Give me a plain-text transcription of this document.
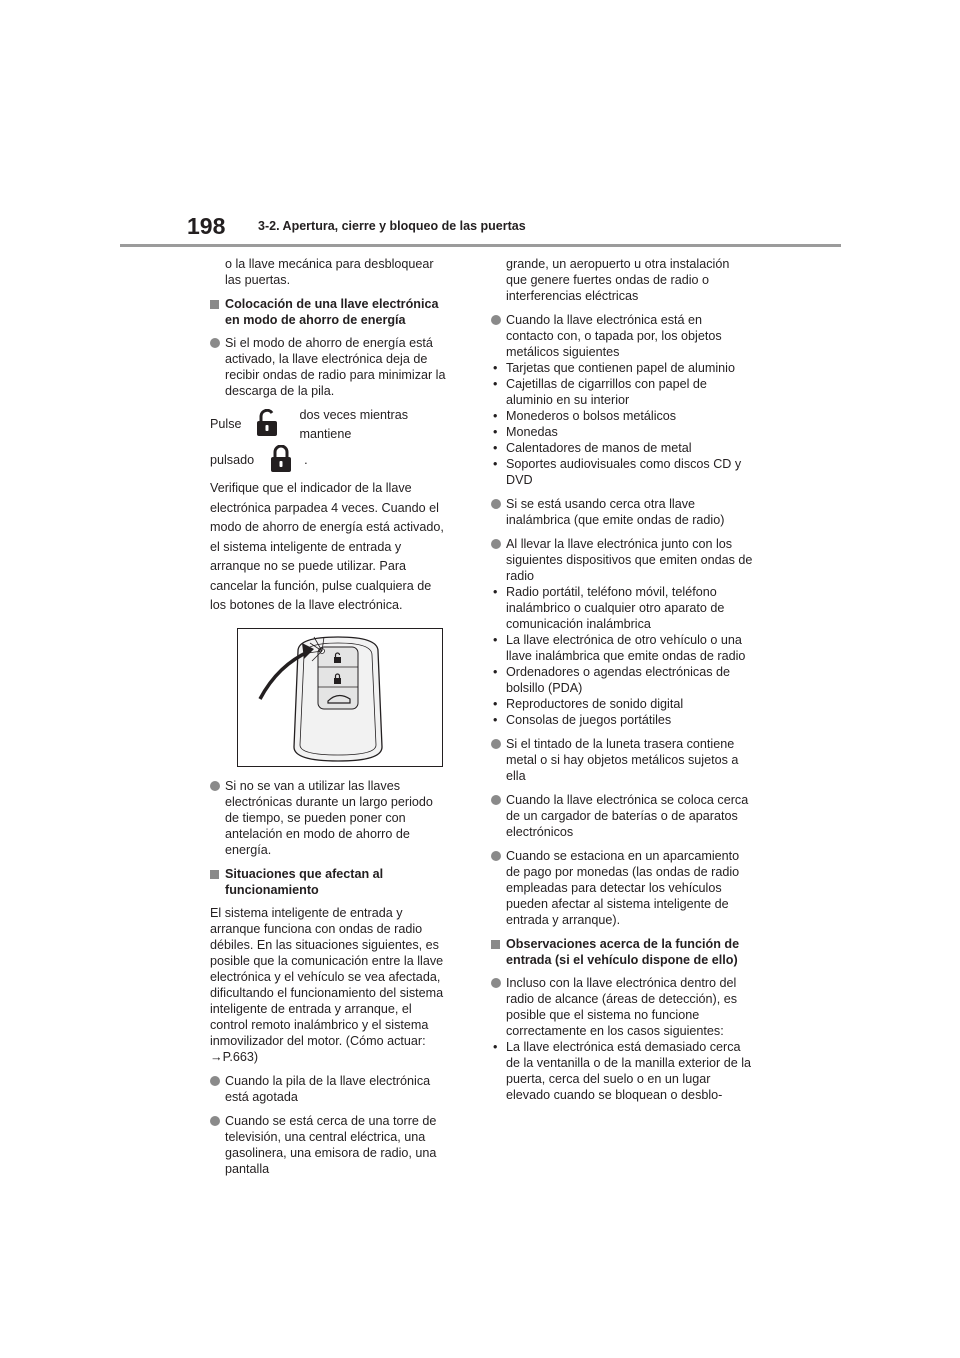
198	3-2. Apertura, cierre y bloqueo de las puertas

o la llave mecánica para desbloquear las puertas.

Colocación de una llave electrónica en modo de ahorro de energía

Si el modo de ahorro de energía está activado, la llave electrónica deja de recibir ondas de radio para minimizar la descarga de la pila.

Pulse
dos veces mientras mantiene
pulsado	.

Verifique que el indicador de la llave electrónica parpadea 4 veces. Cuando el modo de ahorro de energía está activado, el sistema inteligente de entrada y arranque no se puede utilizar. Para cancelar la función, pulse cualquiera de los botones de la llave electrónica.

Si no se van a utilizar las llaves electrónicas durante un largo periodo de tiempo, se pueden poner con antelación en modo de ahorro de energía.

Situaciones que afectan al funcionamiento

El sistema inteligente de entrada y arranque funciona con ondas de radio débiles. En las situaciones siguientes, es posible que la comunicación entre la llave electrónica y el vehículo se vea afectada, dificultando el funcionamiento del sistema inteligente de entrada y arranque, el control remoto inalámbrico y el sistema inmovilizador del motor. (Cómo actuar: →P.663)

Cuando la pila de la llave electrónica está agotada

Cuando se está cerca de una torre de televisión, una central eléctrica, una gasolinera, una emisora de radio, una pantalla

grande, un aeropuerto u otra instalación que genere fuertes ondas de radio o interferencias eléctricas

Cuando la llave electrónica está en contacto con, o tapada por, los objetos metálicos siguientes

• Tarjetas que contienen papel de aluminio

• Cajetillas de cigarrillos con papel de aluminio en su interior

• Monederos o bolsos metálicos

• Monedas

• Calentadores de manos de metal

• Soportes audiovisuales como discos CD y DVD

Si se está usando cerca otra llave inalámbrica (que emite ondas de radio)

Al llevar la llave electrónica junto con los siguientes dispositivos que emiten ondas de radio

• Radio portátil, teléfono móvil, teléfono inalámbrico o cualquier otro aparato de comunicación inalámbrica

• La llave electrónica de otro vehículo o una llave inalámbrica que emite ondas de radio

• Ordenadores o agendas electrónicas de bolsillo (PDA)

• Reproductores de sonido digital

• Consolas de juegos portátiles

Si el tintado de la luneta trasera contiene metal o si hay objetos metálicos sujetos a ella

Cuando la llave electrónica se coloca cerca de un cargador de baterías o de aparatos electrónicos

Cuando se estaciona en un aparcamiento de pago por monedas (las ondas de radio empleadas para detectar los vehículos pueden afectar al sistema inteligente de entrada y arranque).

Observaciones acerca de la función de entrada (si el vehículo dispone de ello)

Incluso con la llave electrónica dentro del radio de alcance (áreas de detección), es posible que el sistema no funcione correctamente en los casos siguientes:

• La llave electrónica está demasiado cerca de la ventanilla o de la manilla exterior de la puerta, cerca del suelo o en un lugar elevado cuando se bloquean o desblo-
